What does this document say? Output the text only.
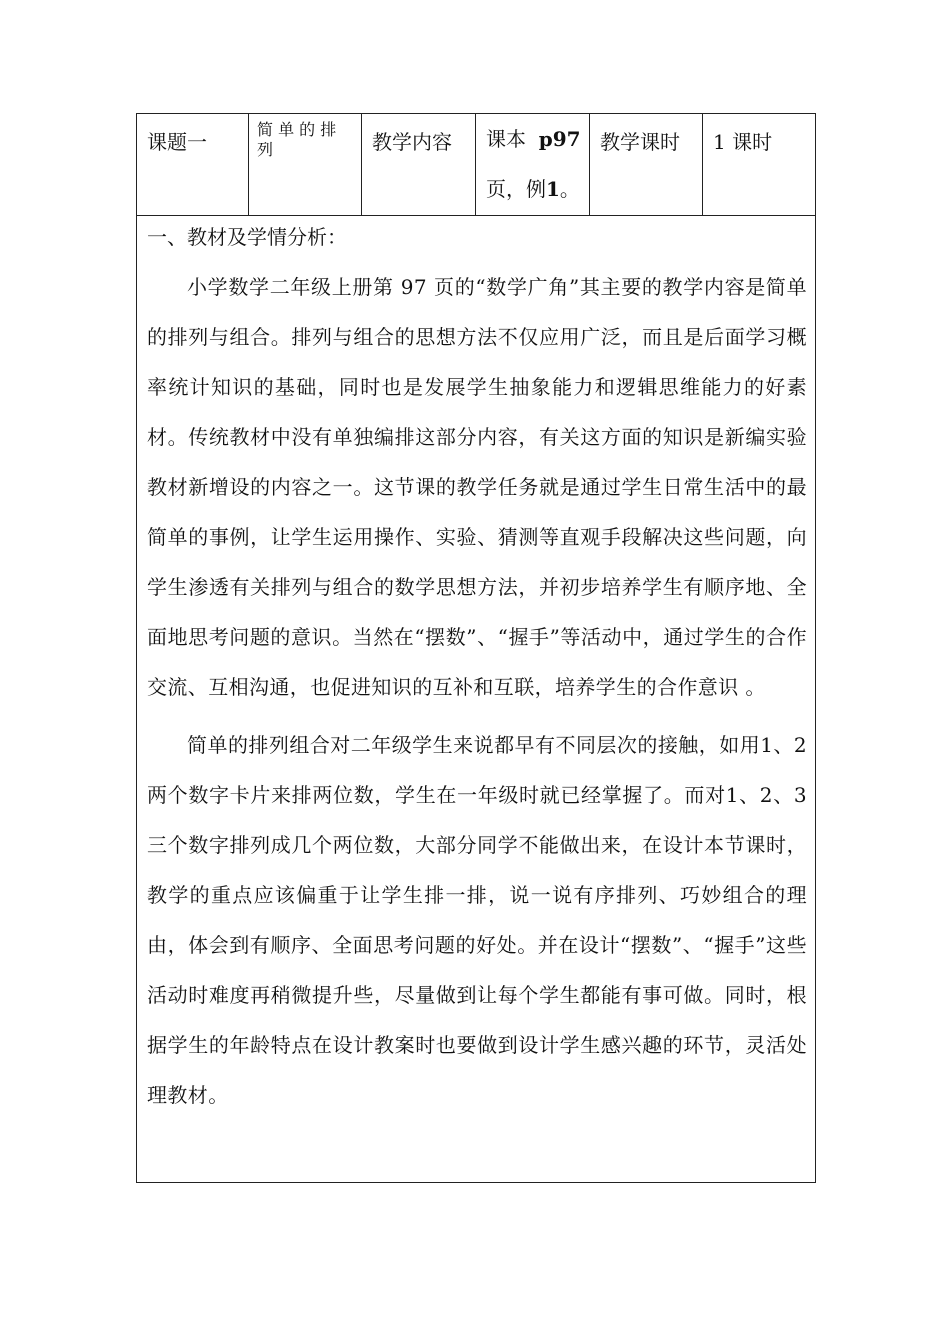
课题一
简 单 的 排 列	教学内容 课本 p97
页，例1。
教学课时 1 课时

一、教材及学情分析：

小学数学二年级上册第 97 页的“数学广角”其主要的教学内容是简单的排列与组合。排列与组合的思想方法不仅应用广泛，而且是后面学习概率统计知识的基础，同时也是发展学生抽象能力和逻辑思维能力的好素材。传统教材中没有单独编排这部分内容，有关这方面的知识是新编实验教材新增设的内容之一。这节课的教学任务就是通过学生日常生活中的最简单的事例，让学生运用操作、实验、猜测等直观手段解决这些问题，向学生渗透有关排列与组合的数学思想方法，并初步培养学生有顺序地、全面地思考问题的意识。当然在“摆数”、“握手”等活动中，通过学生的合作交流、互相沟通，也促进知识的互补和互联，培养学生的合作意识 。

简单的排列组合对二年级学生来说都早有不同层次的接触，如用1、2两个数字卡片来排两位数，学生在一年级时就已经掌握了。而对1、2、3三个数字排列成几个两位数，大部分同学不能做出来，在设计本节课时，教学的重点应该偏重于让学生排一排，说一说有序排列、巧妙组合的理由，体会到有顺序、全面思考问题的好处。并在设计“摆数”、“握手”这些活动时难度再稍微提升些，尽量做到让每个学生都能有事可做。同时，根据学生的年龄特点在设计教案时也要做到设计学生感兴趣的环节，灵活处理教材。
